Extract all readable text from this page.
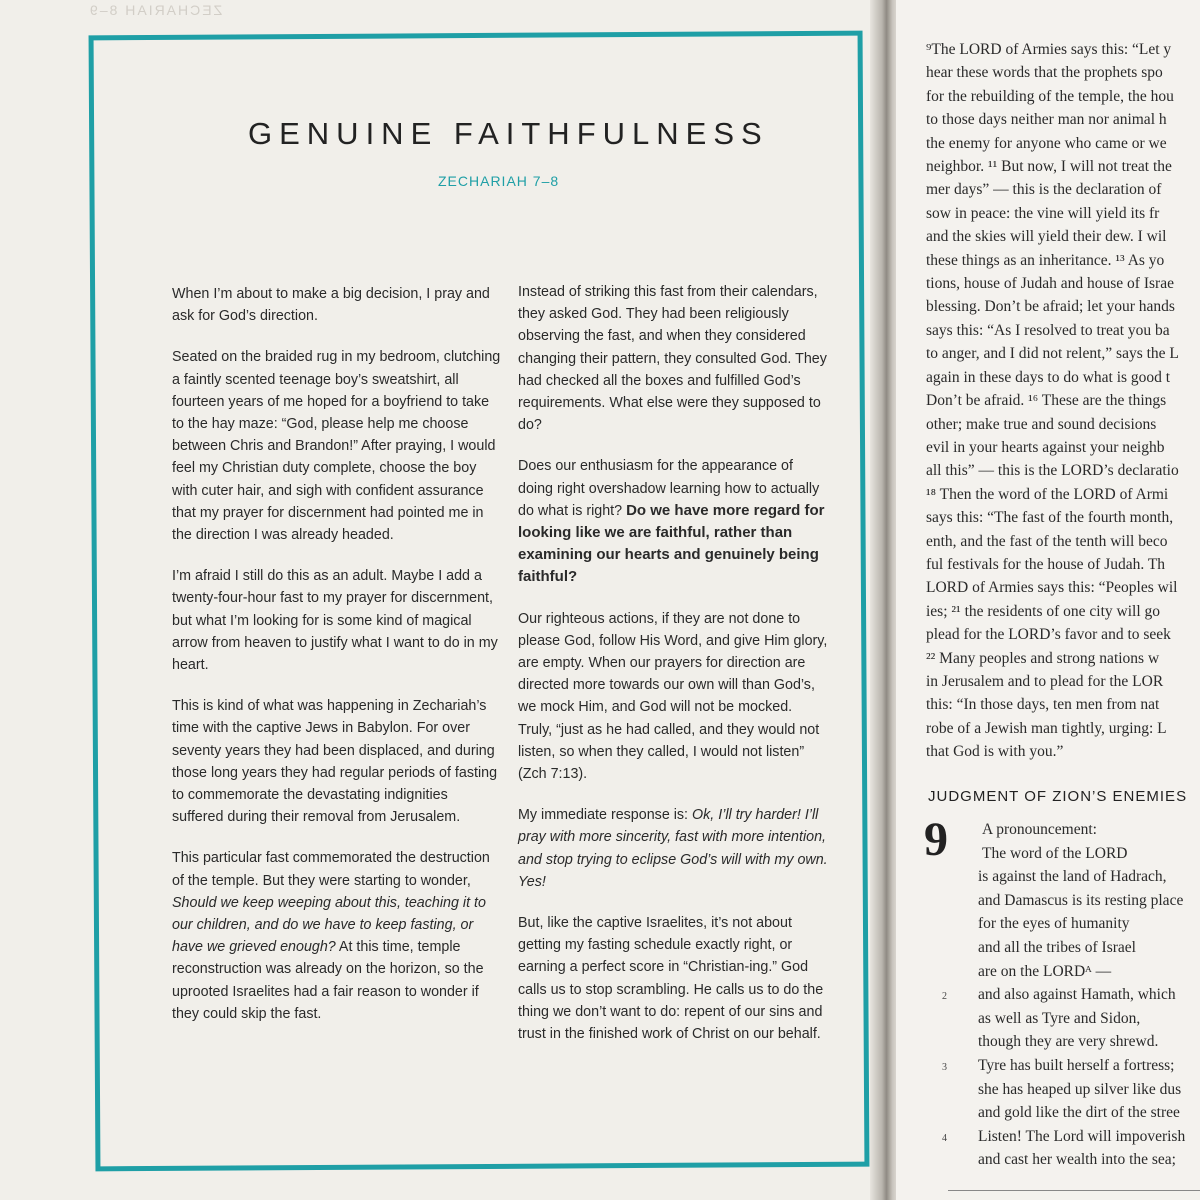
ZECHARIAH 8–9
GENUINE FAITHFULNESS
ZECHARIAH 7–8

When I’m about to make a big decision, I pray and ask for God’s direction.

Seated on the braided rug in my bedroom, clutching a faintly scented teenage boy’s sweatshirt, all fourteen years of me hoped for a boyfriend to take to the hay maze: “God, please help me choose between Chris and Brandon!” After praying, I would feel my Christian duty complete, choose the boy with cuter hair, and sigh with confident assurance that my prayer for discernment had pointed me in the direction I was already headed.

I’m afraid I still do this as an adult. Maybe I add a twenty-four-hour fast to my prayer for discernment, but what I’m looking for is some kind of magical arrow from heaven to justify what I want to do in my heart.

This is kind of what was happening in Zechariah’s time with the captive Jews in Babylon. For over seventy years they had been displaced, and during those long years they had regular periods of fasting to commemorate the devastating indignities suffered during their removal from Jerusalem.

This particular fast commemorated the destruction of the temple. But they were starting to wonder, Should we keep weeping about this, teaching it to our children, and do we have to keep fasting, or have we grieved enough? At this time, temple reconstruction was already on the horizon, so the uprooted Israelites had a fair reason to wonder if they could skip the fast.

Instead of striking this fast from their calendars, they asked God. They had been religiously observing the fast, and when they considered changing their pattern, they consulted God. They had checked all the boxes and fulfilled God’s requirements. What else were they supposed to do?

Does our enthusiasm for the appearance of doing right overshadow learning how to actually do what is right? Do we have more regard for looking like we are faithful, rather than examining our hearts and genuinely being faithful?

Our righteous actions, if they are not done to please God, follow His Word, and give Him glory, are empty. When our prayers for direction are directed more towards our own will than God’s, we mock Him, and God will not be mocked. Truly, “just as he had called, and they would not listen, so when they called, I would not listen” (Zch 7:13).

My immediate response is: Ok, I’ll try harder! I’ll pray with more sincerity, fast with more intention, and stop trying to eclipse God’s will with my own. Yes!

But, like the captive Israelites, it’s not about getting my fasting schedule exactly right, or earning a perfect score in “Christian-ing.” God calls us to stop scrambling. He calls us to do the thing we don’t want to do: repent of our sins and trust in the finished work of Christ on our behalf.

⁹The LORD of Armies says this: “Let y
hear these words that the prophets spo
for the rebuilding of the temple, the hou
to those days neither man nor animal h
the enemy for anyone who came or we
neighbor. ¹¹ But now, I will not treat the
mer days” — this is the declaration of
sow in peace: the vine will yield its fr
and the skies will yield their dew. I wil
these things as an inheritance. ¹³ As yo
tions, house of Judah and house of Israe
blessing. Don’t be afraid; let your hands
says this: “As I resolved to treat you ba
to anger, and I did not relent,” says the L
again in these days to do what is good t
Don’t be afraid. ¹⁶ These are the things
other; make true and sound decisions
evil in your hearts against your neighb
all this” — this is the LORD’s declaratio
¹⁸ Then the word of the LORD of Armi
says this: “The fast of the fourth month,
enth, and the fast of the tenth will beco
ful festivals for the house of Judah. Th
LORD of Armies says this: “Peoples wil
ies; ²¹ the residents of one city will go
plead for the LORD’s favor and to seek
²² Many peoples and strong nations w
in Jerusalem and to plead for the LOR
this: “In those days, ten men from nat
robe of a Jewish man tightly, urging: L
that God is with you.”
JUDGMENT OF ZION’S ENEMIES
9	A pronouncement:
The word of the LORD
is against the land of Hadrach,
and Damascus is its resting place
for the eyes of humanity
and all the tribes of Israel
are on the LORDᴬ —
2 and also against Hamath, which
as well as Tyre and Sidon,
though they are very shrewd.
3 Tyre has built herself a fortress;
she has heaped up silver like dus
and gold like the dirt of the stree
4 Listen! The Lord will impoverish
and cast her wealth into the sea;
